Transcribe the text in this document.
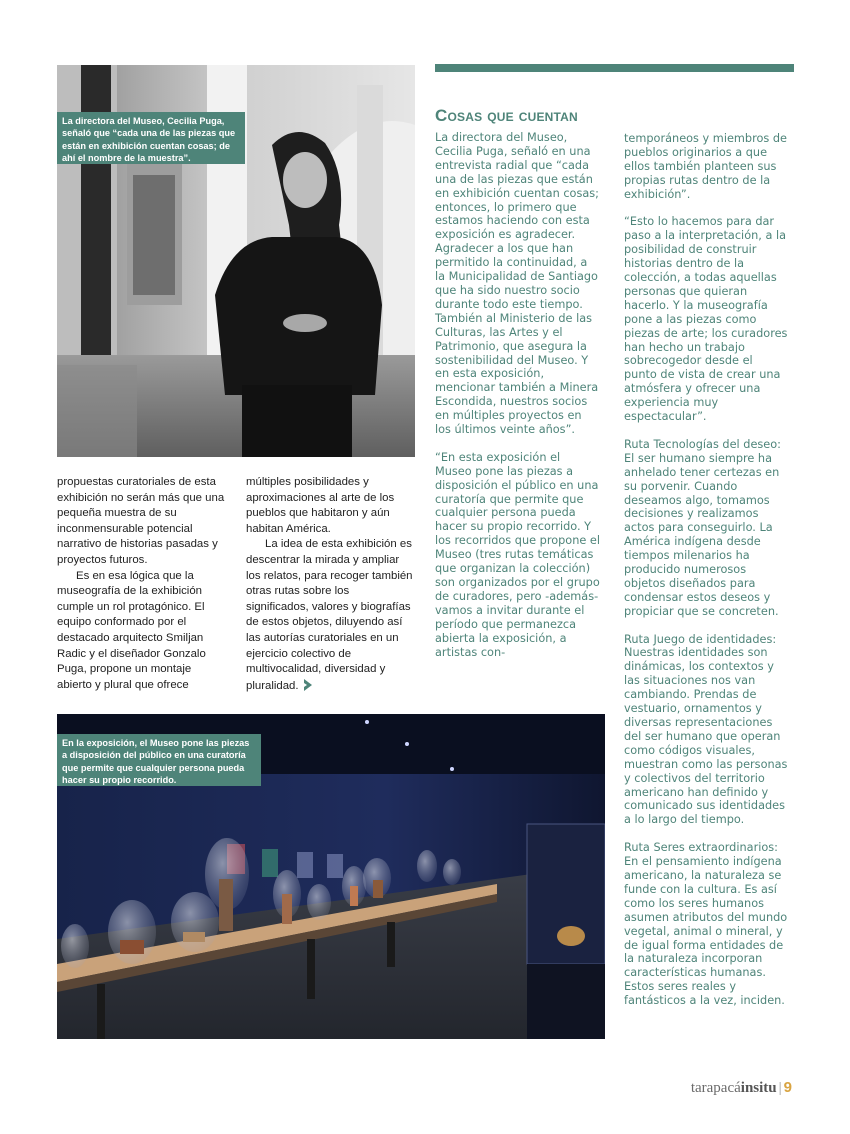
La directora del Museo, Cecilia Puga, señaló que “cada una de las piezas que están en exhibición cuentan cosas; de ahí el nombre de la muestra”.
En la exposición, el Museo pone las piezas a disposición del público en una curatoría que permite que cualquier persona pueda hacer su propio recorrido.
Cosas que cuentan

propuestas curatoriales de esta exhibición no serán más que una pequeña muestra de su inconmensurable potencial narrativo de historias pasadas y proyectos futuros.

Es en esa lógica que la museografía de la exhibición cumple un rol protagónico. El equipo conformado por el destacado arquitecto Smiljan Radic y el diseñador Gonzalo Puga, propone un montaje abierto y plural que ofrece

múltiples posibilidades y aproximaciones al arte de los pueblos que habitaron y aún habitan América.

La idea de esta exhibición es descentrar la mirada y ampliar los relatos, para recoger también otras rutas sobre los significados, valores y biografías de estos objetos, diluyendo así las autorías curatoriales en un ejercicio colectivo de multivocalidad, diversidad y pluralidad.

La directora del Museo, Cecilia Puga, señaló en una entrevista radial que “cada una de las piezas que están en exhibición cuentan cosas; entonces, lo primero que estamos haciendo con esta exposición es agradecer. Agradecer a los que han permitido la continuidad, a la Municipalidad de Santiago que ha sido nuestro socio durante todo este tiempo. También al Ministerio de las Culturas, las Artes y el Patrimonio, que asegura la sostenibilidad del Museo. Y en esta exposición, mencionar también a Minera Escondida, nuestros socios en múltiples proyectos en los últimos veinte años”.

“En esta exposición el Museo pone las piezas a disposición el público en una curatoría que permite que cualquier persona pueda hacer su propio recorrido. Y los recorridos que propone el Museo (tres rutas temáticas que organizan la colección) son organizados por el grupo de curadores, pero -además- vamos a invitar durante el período que permanezca abierta la exposición, a artistas con-

temporáneos y miembros de pueblos originarios a que ellos también planteen sus propias rutas dentro de la exhibición”.

“Esto lo hacemos para dar paso a la interpretación, a la posibilidad de construir historias dentro de la colección, a todas aquellas personas que quieran hacerlo. Y la museografía pone a las piezas como piezas de arte; los curadores han hecho un trabajo sobrecogedor desde el punto de vista de crear una atmósfera y ofrecer una experiencia muy espectacular”.

Ruta Tecnologías del deseo: El ser humano siempre ha anhelado tener certezas en su porvenir. Cuando deseamos algo, tomamos decisiones y realizamos actos para conseguirlo. La América indígena desde tiempos milenarios ha producido numerosos objetos diseñados para condensar estos deseos y propiciar que se concreten.

Ruta Juego de identidades: Nuestras identidades son dinámicas, los contextos y las situaciones nos van cambiando. Prendas de vestuario, ornamentos y diversas representaciones del ser humano que operan como códigos visuales, muestran como las personas y colectivos del territorio americano han definido y comunicado sus identidades a lo largo del tiempo.

Ruta Seres extraordinarios: En el pensamiento indígena americano, la naturaleza se funde con la cultura. Es así como los seres humanos asumen atributos del mundo vegetal, animal o mineral, y de igual forma entidades de la naturaleza incorporan características humanas. Estos seres reales y fantásticos a la vez, inciden.

tarapacáinsitu | 9
